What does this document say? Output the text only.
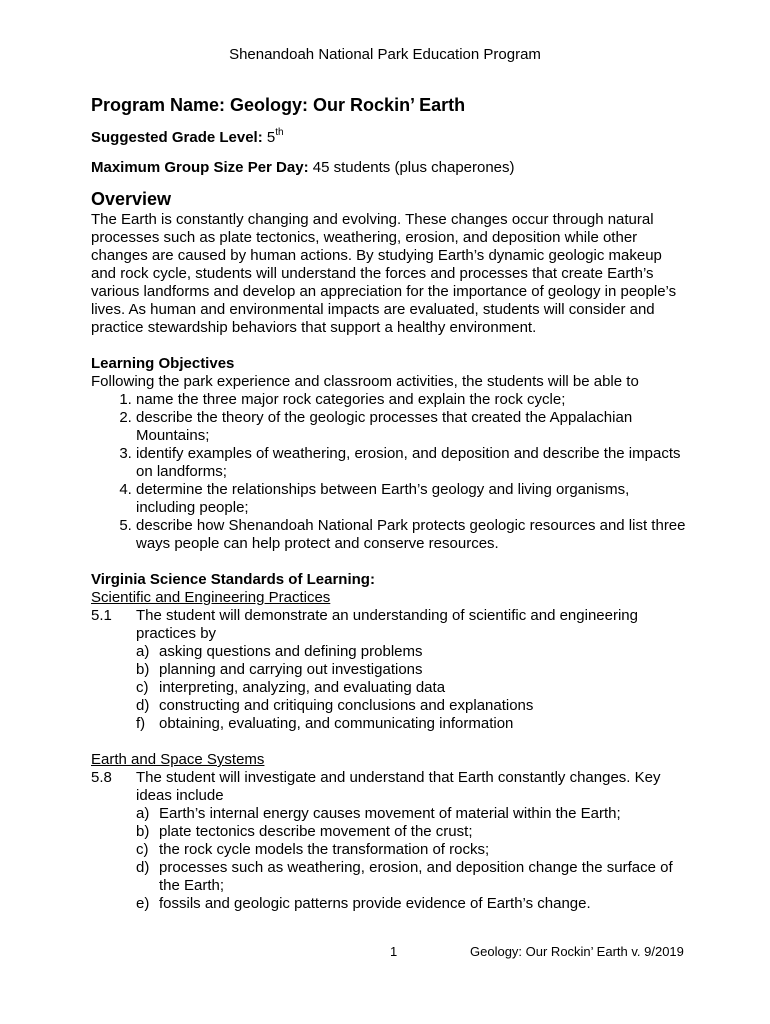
Shenandoah National Park Education Program
Program Name: Geology: Our Rockin’ Earth
Suggested Grade Level: 5th
Maximum Group Size Per Day: 45 students (plus chaperones)
Overview

The Earth is constantly changing and evolving. These changes occur through natural processes such as plate tectonics, weathering, erosion, and deposition while other changes are caused by human actions. By studying Earth’s dynamic geologic makeup and rock cycle, students will understand the forces and processes that create Earth’s various landforms and develop an appreciation for the importance of geology in people’s lives. As human and environmental impacts are evaluated, students will consider and practice stewardship behaviors that support a healthy environment.

Learning Objectives

Following the park experience and classroom activities, the students will be able to

1. name the three major rock categories and explain the rock cycle;
2. describe the theory of the geologic processes that created the Appalachian Mountains;
3. identify examples of weathering, erosion, and deposition and describe the impacts on landforms;
4. determine the relationships between Earth’s geology and living organisms, including people;
5. describe how Shenandoah National Park protects geologic resources and list three ways people can help protect and conserve resources.
Virginia Science Standards of Learning:
Scientific and Engineering Practices
5.1	The student will demonstrate an understanding of scientific and engineering practices by
a) asking questions and defining problems
b) planning and carrying out investigations
c) interpreting, analyzing, and evaluating data
d) constructing and critiquing conclusions and explanations
f) obtaining, evaluating, and communicating information
Earth and Space Systems
5.8	The student will investigate and understand that Earth constantly changes. Key ideas include
a) Earth’s internal energy causes movement of material within the Earth;
b) plate tectonics describe movement of the crust;
c) the rock cycle models the transformation of rocks;
d) processes such as weathering, erosion, and deposition change the surface of the Earth;
e) fossils and geologic patterns provide evidence of Earth’s change.
1	Geology: Our Rockin’ Earth v. 9/2019
